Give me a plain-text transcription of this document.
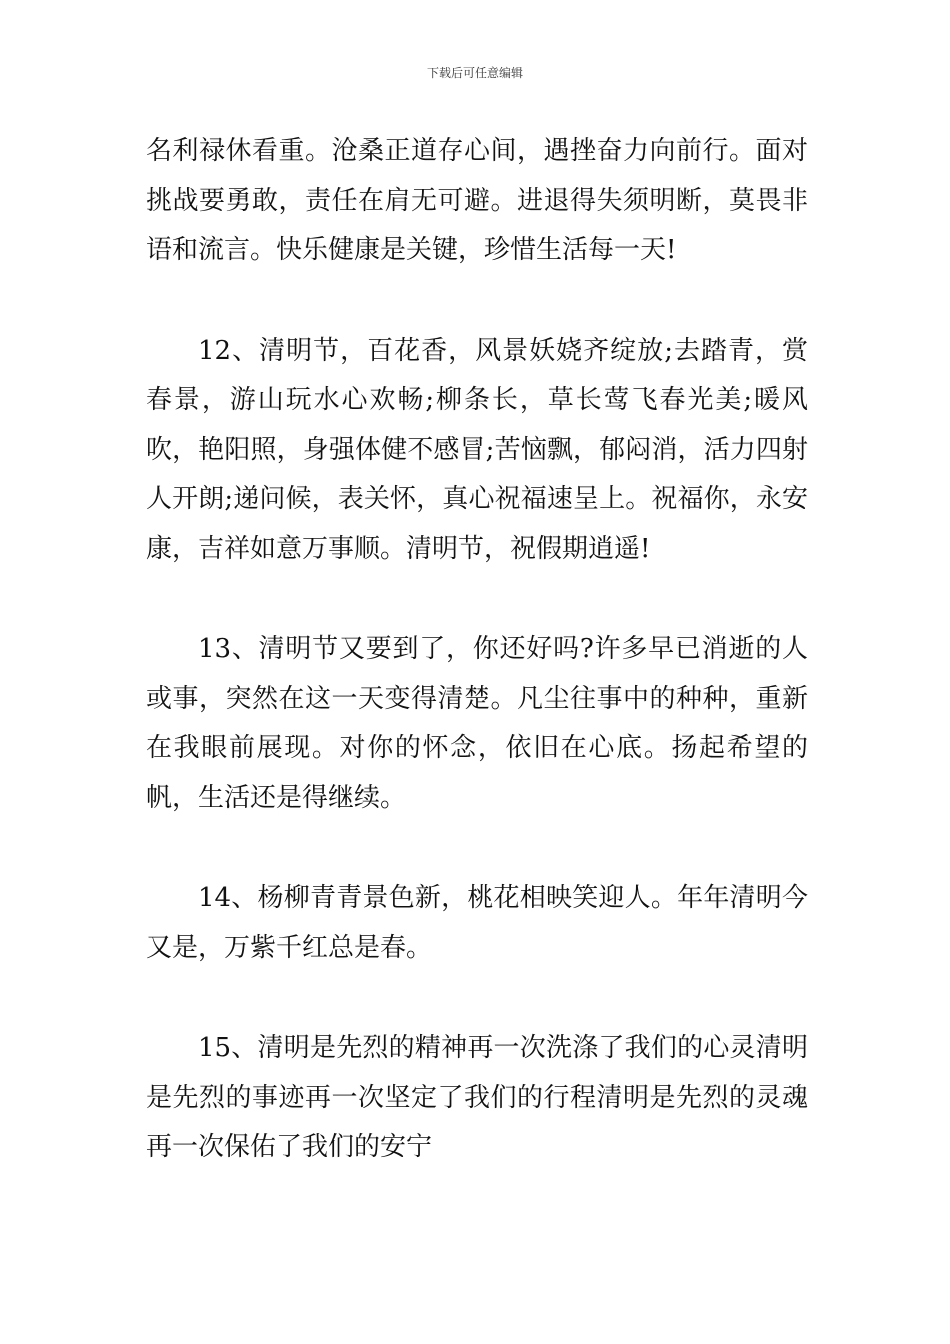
下载后可任意编辑

名利禄休看重。沧桑正道存心间，遇挫奋力向前行。面对挑战要勇敢，责任在肩无可避。进退得失须明断，莫畏非语和流言。快乐健康是关键，珍惜生活每一天!

12、清明节，百花香，风景妖娆齐绽放;去踏青，赏春景，游山玩水心欢畅;柳条长，草长莺飞春光美;暖风吹，艳阳照，身强体健不感冒;苦恼飘，郁闷消，活力四射人开朗;递问候，表关怀，真心祝福速呈上。祝福你，永安康，吉祥如意万事顺。清明节，祝假期逍遥!

13、清明节又要到了，你还好吗?许多早已消逝的人或事，突然在这一天变得清楚。凡尘往事中的种种，重新在我眼前展现。对你的怀念，依旧在心底。扬起希望的帆，生活还是得继续。

14、杨柳青青景色新，桃花相映笑迎人。年年清明今又是，万紫千红总是春。

15、清明是先烈的精神再一次洗涤了我们的心灵清明是先烈的事迹再一次坚定了我们的行程清明是先烈的灵魂再一次保佑了我们的安宁
